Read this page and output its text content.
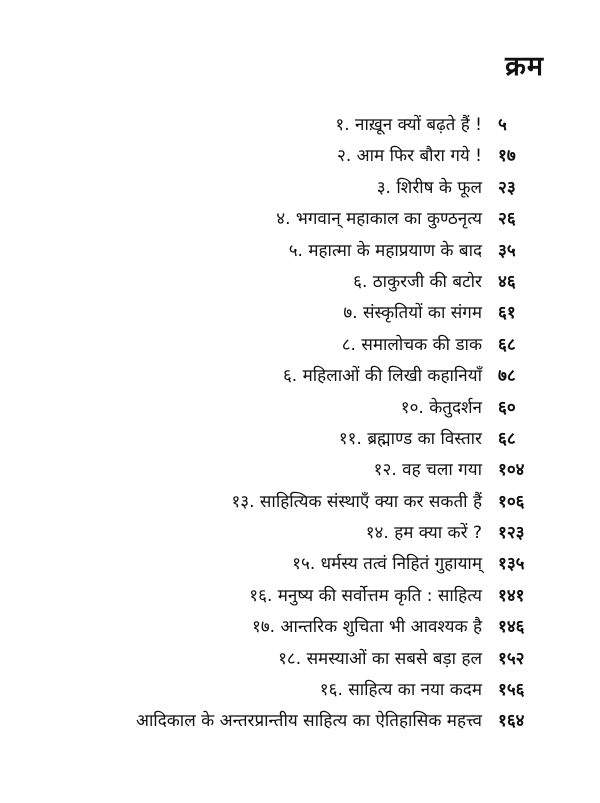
क्रम
१. नाख़ून क्यों बढ़ते हैं ! ५
२. आम फिर बौरा गये ! १७
३. शिरीष के फूल २३
४. भगवान् महाकाल का कुण्ठनृत्य २६
५. महात्मा के महाप्रयाण के बाद ३५
६. ठाकुरजी की बटोर ४६
७. संस्कृतियों का संगम ६१
८. समालोचक की डाक ६८
६. महिलाओं की लिखी कहानियाँ ७८
१०. केतुदर्शन ६०
११. ब्रह्माण्ड का विस्तार ६८
१२. वह चला गया १०४
१३. साहित्यिक संस्थाएँ क्या कर सकती हैं १०६
१४. हम क्या करें ? १२३
१५. धर्मस्य तत्वं निहितं गुहायाम् १३५
१६. मनुष्य की सर्वोत्तम कृति : साहित्य १४१
१७. आन्तरिक शुचिता भी आवश्यक है १४६
१८. समस्याओं का सबसे बड़ा हल १५२
१६. साहित्य का नया कदम १५६
आदिकाल के अन्तरप्रान्तीय साहित्य का ऐतिहासिक महत्त्व १६४
